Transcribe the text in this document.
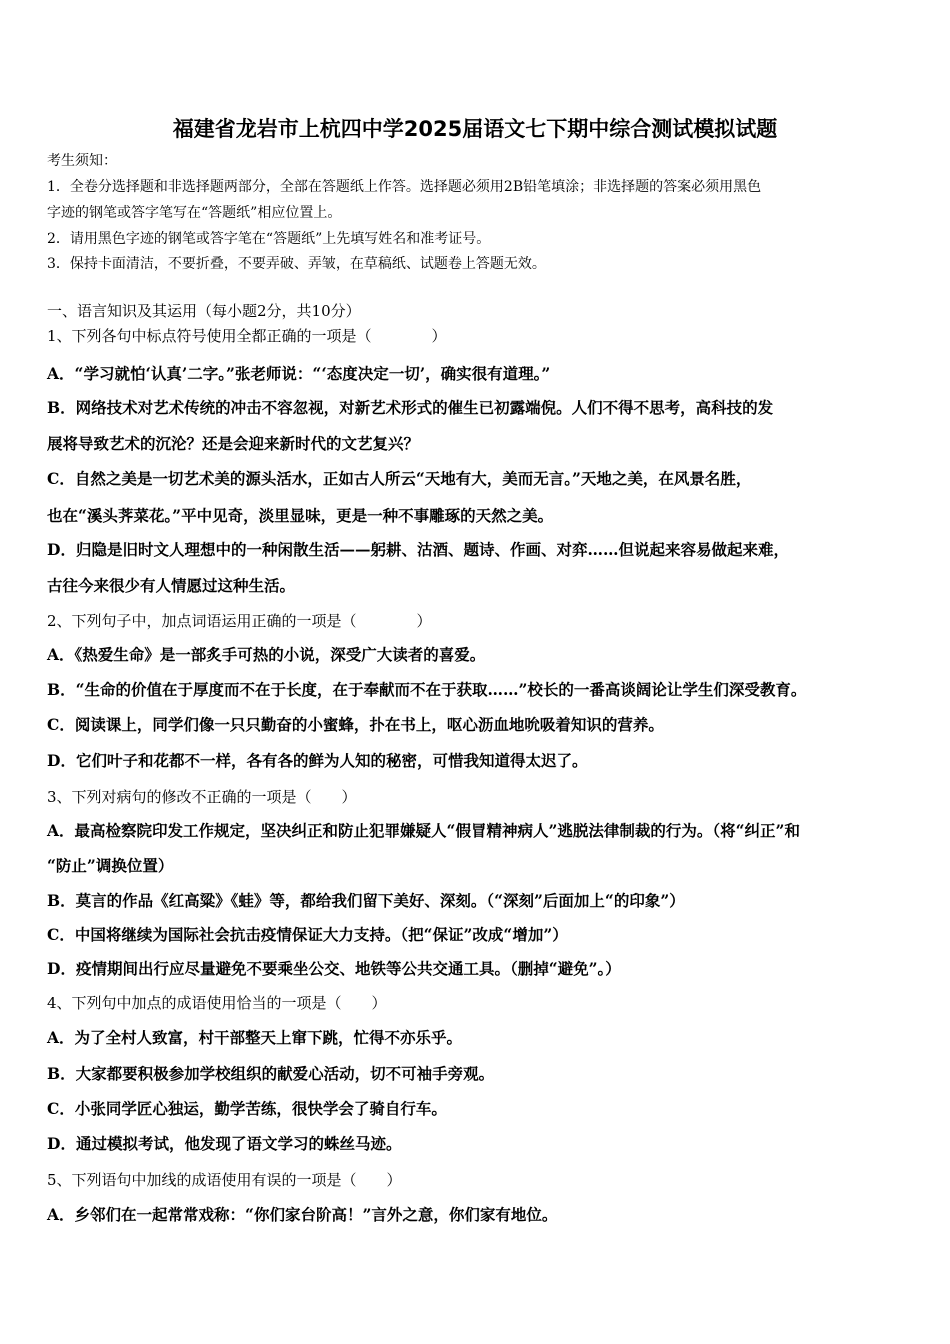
福建省龙岩市上杭四中学2025届语文七下期中综合测试模拟试题
考生须知：
1．全卷分选择题和非选择题两部分，全部在答题纸上作答。选择题必须用2B铅笔填涂；非选择题的答案必须用黑色
字迹的钢笔或答字笔写在“答题纸”相应位置上。
2．请用黑色字迹的钢笔或答字笔在“答题纸”上先填写姓名和准考证号。
3．保持卡面清洁，不要折叠，不要弄破、弄皱，在草稿纸、试题卷上答题无效。
一、语言知识及其运用（每小题2分，共10分）
1、下列各句中标点符号使用全都正确的一项是（　　　　）
A．“学习就怕‘认真’二字。”张老师说：“‘态度决定一切’，确实很有道理。”
B．网络技术对艺术传统的冲击不容忽视，对新艺术形式的催生已初露端倪。人们不得不思考，高科技的发
展将导致艺术的沉沦？还是会迎来新时代的文艺复兴？
C．自然之美是一切艺术美的源头活水，正如古人所云“天地有大，美而无言。”天地之美，在风景名胜，
也在“溪头荠菜花。”平中见奇，淡里显味，更是一种不事雕琢的天然之美。
D．归隐是旧时文人理想中的一种闲散生活——躬耕、沽酒、题诗、作画、对弈……但说起来容易做起来难，
古往今来很少有人情愿过这种生活。
2、下列句子中，加点词语运用正确的一项是（　　　　）
A．《热爱生命》是一部炙手可热的小说，深受广大读者的喜爱。
B．“生命的价值在于厚度而不在于长度，在于奉献而不在于获取……”校长的一番高谈阔论让学生们深受教育。
C．阅读课上，同学们像一只只勤奋的小蜜蜂，扑在书上，呕心沥血地吮吸着知识的营养。
D．它们叶子和花都不一样，各有各的鲜为人知的秘密，可惜我知道得太迟了。
3、下列对病句的修改不正确的一项是（　　）
A．最高检察院印发工作规定，坚决纠正和防止犯罪嫌疑人“假冒精神病人”逃脱法律制裁的行为。（将“纠正”和
“防止”调换位置）
B．莫言的作品《红高粱》《蛙》等，都给我们留下美好、深刻。（“深刻”后面加上“的印象”）
C．中国将继续为国际社会抗击疫情保证大力支持。（把“保证”改成“增加”）
D．疫情期间出行应尽量避免不要乘坐公交、地铁等公共交通工具。（删掉“避免”。）
4、下列句中加点的成语使用恰当的一项是（　　）
A．为了全村人致富，村干部整天上窜下跳，忙得不亦乐乎。
B．大家都要积极参加学校组织的献爱心活动，切不可袖手旁观。
C．小张同学匠心独运，勤学苦练，很快学会了骑自行车。
D．通过模拟考试，他发现了语文学习的蛛丝马迹。
5、下列语句中加线的成语使用有误的一项是（　　）
A．乡邻们在一起常常戏称：“你们家台阶高！”言外之意，你们家有地位。
